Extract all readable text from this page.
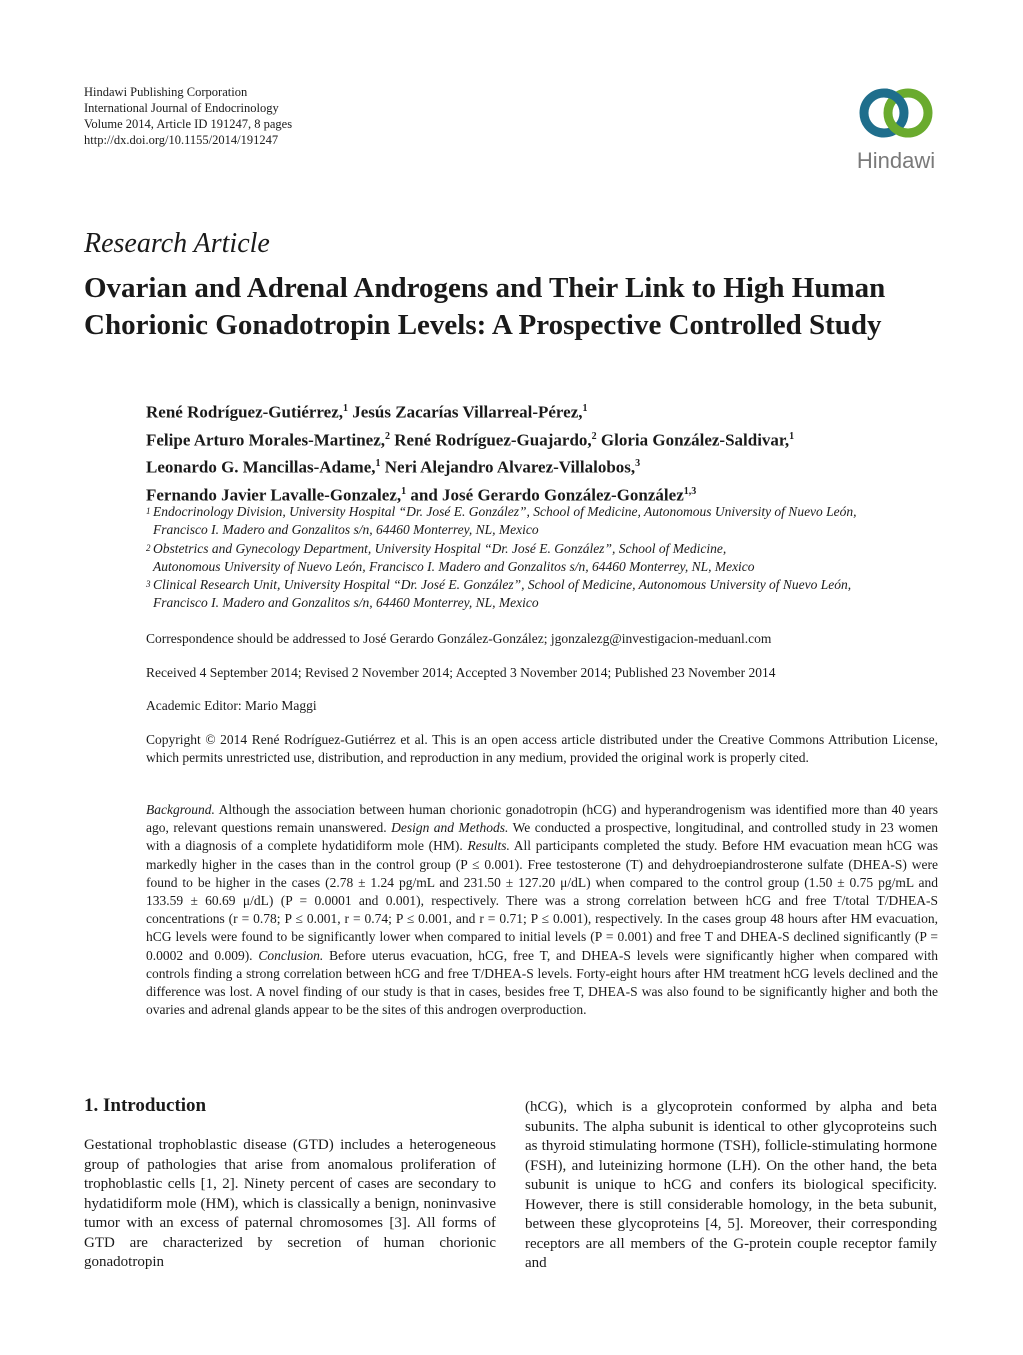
Hindawi Publishing Corporation
International Journal of Endocrinology
Volume 2014, Article ID 191247, 8 pages
http://dx.doi.org/10.1155/2014/191247
Hindawi
Research Article
Ovarian and Adrenal Androgens and Their Link to High Human Chorionic Gonadotropin Levels: A Prospective Controlled Study
René Rodríguez-Gutiérrez,$^1$ Jesús Zacarías Villarreal-Pérez,$^1$
Felipe Arturo Morales-Martinez,$^2$ René Rodríguez-Guajardo,$^2$ Gloria González-Saldivar,$^1$
Leonardo G. Mancillas-Adame,$^1$ Neri Alejandro Alvarez-Villalobos,$^3$
Fernando Javier Lavalle-Gonzalez,$^1$ and José Gerardo González-González$^{1,3}$
1 Endocrinology Division, University Hospital “Dr. José E. González”, School of Medicine, Autonomous University of Nuevo León,
Francisco I. Madero and Gonzalitos s/n, 64460 Monterrey, NL, Mexico
2 Obstetrics and Gynecology Department, University Hospital “Dr. José E. González”, School of Medicine,
Autonomous University of Nuevo León, Francisco I. Madero and Gonzalitos s/n, 64460 Monterrey, NL, Mexico
3 Clinical Research Unit, University Hospital “Dr. José E. González”, School of Medicine, Autonomous University of Nuevo León,
Francisco I. Madero and Gonzalitos s/n, 64460 Monterrey, NL, Mexico
Correspondence should be addressed to José Gerardo González-González; jgonzalezg@investigacion-meduanl.com
Received 4 September 2014; Revised 2 November 2014; Accepted 3 November 2014; Published 23 November 2014
Academic Editor: Mario Maggi
Copyright © 2014 René Rodríguez-Gutiérrez et al. This is an open access article distributed under the Creative Commons Attribution License, which permits unrestricted use, distribution, and reproduction in any medium, provided the original work is properly cited.
Background. Although the association between human chorionic gonadotropin (hCG) and hyperandrogenism was identified more than 40 years ago, relevant questions remain unanswered. Design and Methods. We conducted a prospective, longitudinal, and controlled study in 23 women with a diagnosis of a complete hydatidiform mole (HM). Results. All participants completed the study. Before HM evacuation mean hCG was markedly higher in the cases than in the control group (P ≤ 0.001). Free testosterone (T) and dehydroepiandrosterone sulfate (DHEA-S) were found to be higher in the cases (2.78 ± 1.24 pg/mL and 231.50 ± 127.20 μ/dL) when compared to the control group (1.50 ± 0.75 pg/mL and 133.59 ± 60.69 μ/dL) (P = 0.0001 and 0.001), respectively. There was a strong correlation between hCG and free T/total T/DHEA-S concentrations (r = 0.78; P ≤ 0.001, r = 0.74; P ≤ 0.001, and r = 0.71; P ≤ 0.001), respectively. In the cases group 48 hours after HM evacuation, hCG levels were found to be significantly lower when compared to initial levels (P = 0.001) and free T and DHEA-S declined significantly (P = 0.0002 and 0.009). Conclusion. Before uterus evacuation, hCG, free T, and DHEA-S levels were significantly higher when compared with controls finding a strong correlation between hCG and free T/DHEA-S levels. Forty-eight hours after HM treatment hCG levels declined and the difference was lost. A novel finding of our study is that in cases, besides free T, DHEA-S was also found to be significantly higher and both the ovaries and adrenal glands appear to be the sites of this androgen overproduction.
1. Introduction
Gestational trophoblastic disease (GTD) includes a heterogeneous group of pathologies that arise from anomalous proliferation of trophoblastic cells [1, 2]. Ninety percent of cases are secondary to hydatidiform mole (HM), which is classically a benign, noninvasive tumor with an excess of paternal chromosomes [3]. All forms of GTD are characterized by secretion of human chorionic gonadotropin
(hCG), which is a glycoprotein conformed by alpha and beta subunits. The alpha subunit is identical to other glycoproteins such as thyroid stimulating hormone (TSH), follicle-stimulating hormone (FSH), and luteinizing hormone (LH). On the other hand, the beta subunit is unique to hCG and confers its biological specificity. However, there is still considerable homology, in the beta subunit, between these glycoproteins [4, 5]. Moreover, their corresponding receptors are all members of the G-protein couple receptor family and
